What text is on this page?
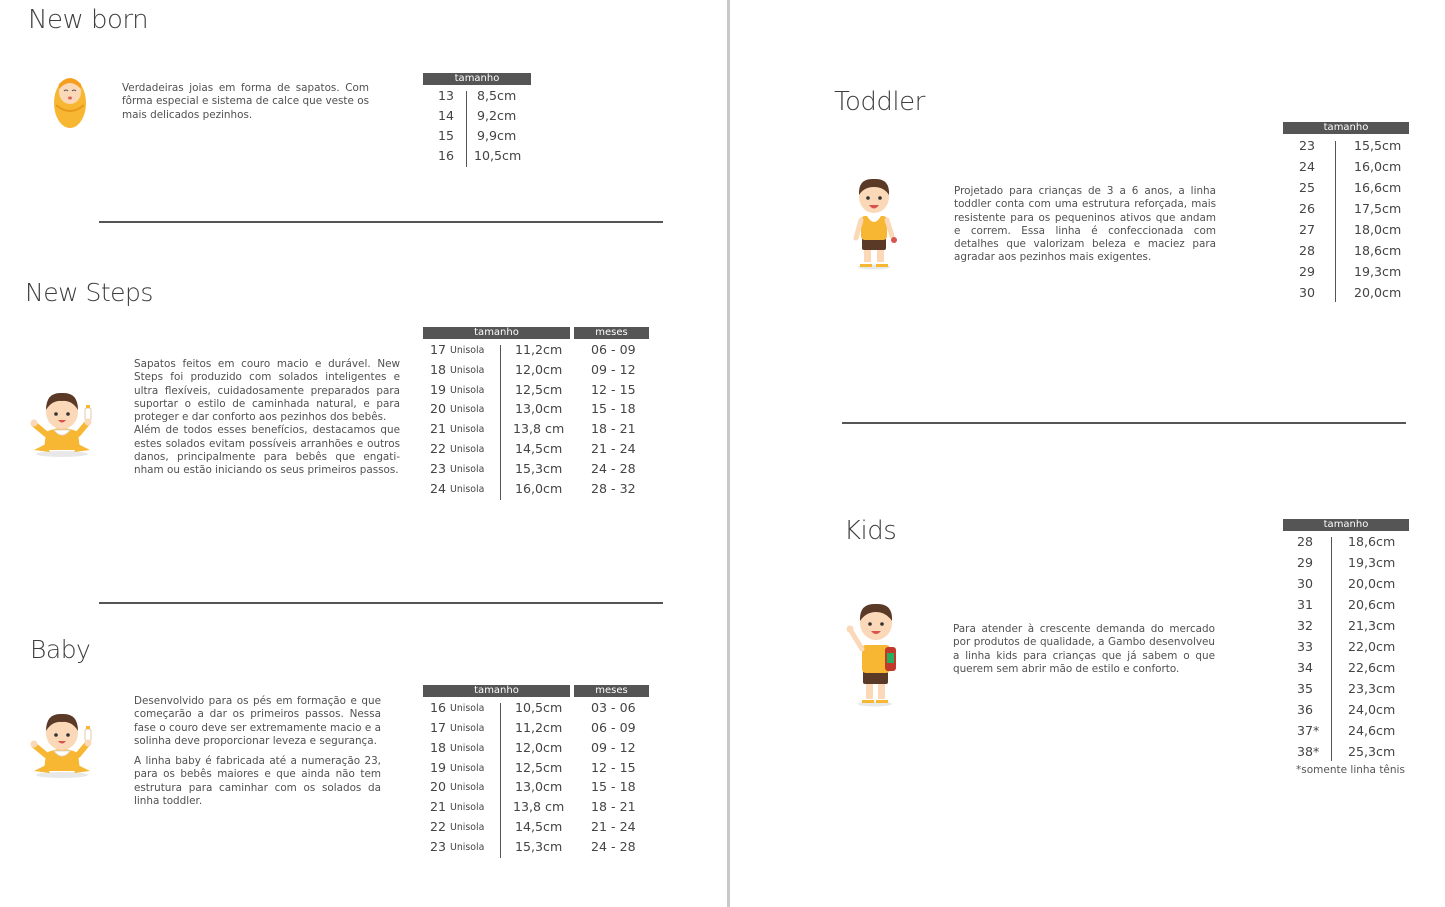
New born

Verdadeiras joias em forma de sapatos. Com fôrma especial e sistema de calce que veste os mais delicados pezinhos.

tamanho
13 8,5cm
14 9,2cm
15 9,9cm
16 10,5cm
New Steps

Sapatos feitos em couro macio e durável. New Steps foi produzido com solados inteligentes e ultra flexíveis, cuidadosamente preparados para suportar o estilo de caminhada natural, e para proteger e dar conforto aos pezinhos dos bebês.

Além de todos esses benefícios, destacamos que estes solados evitam possíveis arranhões e outros danos, principalmente para bebês que engati-nham ou estão iniciando os seus primeiros passos.

tamanho	meses
17 Unisola 11,2cm 06 - 09
18 Unisola 12,0cm 09 - 12
19 Unisola 12,5cm 12 - 15
20 Unisola 13,0cm 15 - 18
21 Unisola 13,8 cm 18 - 21
22 Unisola 14,5cm 21 - 24
23 Unisola 15,3cm 24 - 28
24 Unisola 16,0cm 28 - 32
Baby

Desenvolvido para os pés em formação e que começarão a dar os primeiros passos. Nessa fase o couro deve ser extremamente macio e a solinha deve proporcionar leveza e segurança.

A linha baby é fabricada até a numeração 23, para os bebês maiores e que ainda não tem estrutura para caminhar com os solados da linha toddler.

tamanho	meses
16 Unisola 10,5cm 03 - 06
17 Unisola 11,2cm 06 - 09
18 Unisola 12,0cm 09 - 12
19 Unisola 12,5cm 12 - 15
20 Unisola 13,0cm 15 - 18
21 Unisola 13,8 cm 18 - 21
22 Unisola 14,5cm 21 - 24
23 Unisola 15,3cm 24 - 28
Toddler

Projetado para crianças de 3 a 6 anos, a linha toddler conta com uma estrutura reforçada, mais resistente para os pequeninos ativos que andam e correm. Essa linha é confeccionada com detalhes que valorizam beleza e maciez para agradar aos pezinhos mais exigentes.

tamanho
23	15,5cm
24	16,0cm
25	16,6cm
26	17,5cm
27	18,0cm
28	18,6cm
29	19,3cm
30	20,0cm
Kids

Para atender à crescente demanda do mercado por produtos de qualidade, a Gambo desenvolveu a linha kids para crianças que já sabem o que querem sem abrir mão de estilo e conforto.

tamanho
28	18,6cm
29	19,3cm
30	20,0cm
31	20,6cm
32	21,3cm
33	22,0cm
34	22,6cm
35	23,3cm
36	24,0cm
37* 24,6cm
38* 25,3cm
*somente linha tênis
